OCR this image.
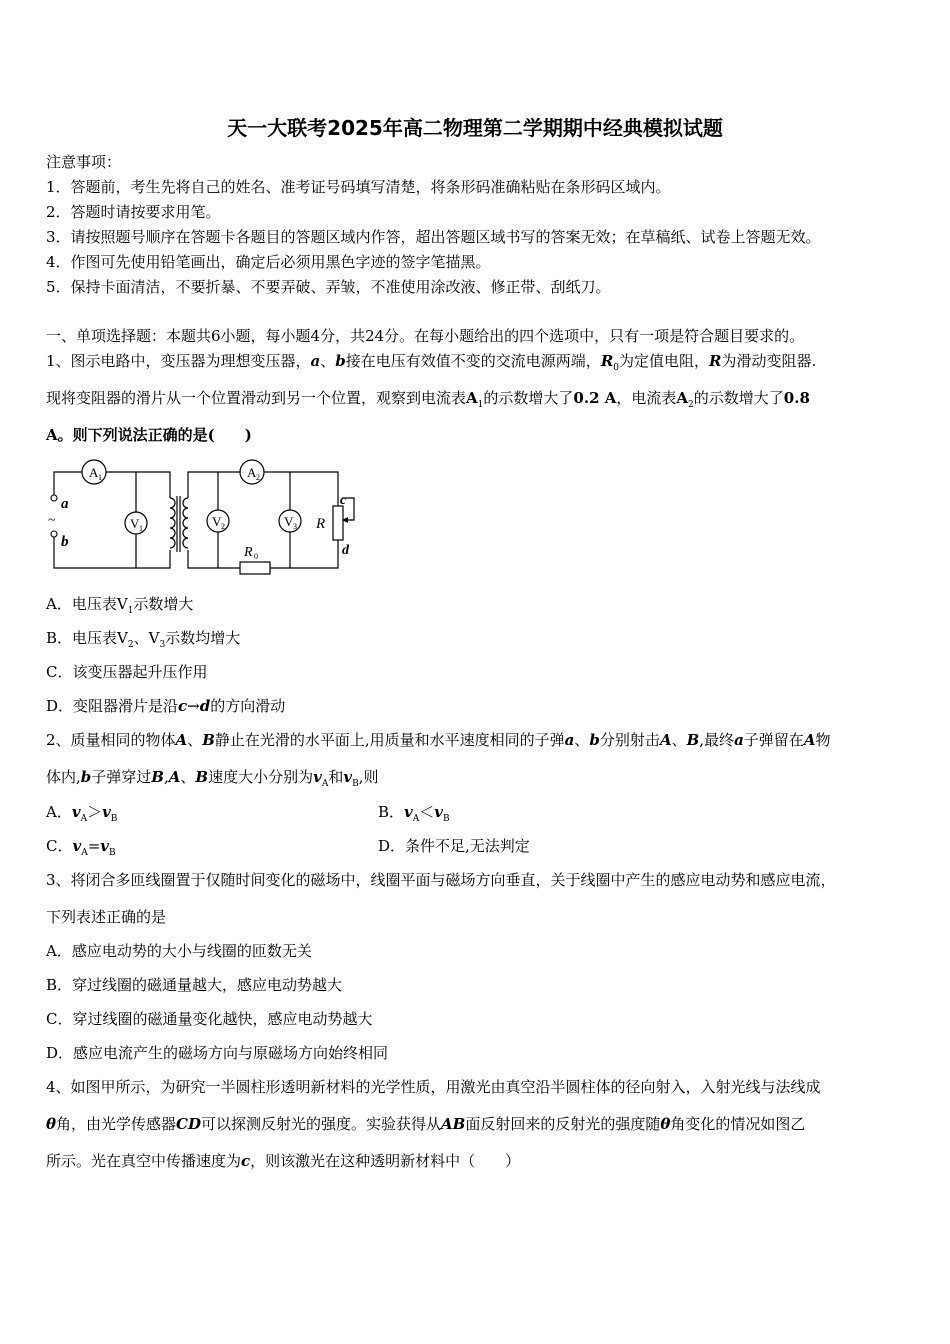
天一大联考2025年高二物理第二学期期中经典模拟试题
注意事项：
1．答题前，考生先将自己的姓名、准考证号码填写清楚，将条形码准确粘贴在条形码区域内。
2．答题时请按要求用笔。
3．请按照题号顺序在答题卡各题目的答题区域内作答，超出答题区域书写的答案无效；在草稿纸、试卷上答题无效。
4．作图可先使用铅笔画出，确定后必须用黑色字迹的签字笔描黑。
5．保持卡面清洁，不要折暴、不要弄破、弄皱，不准使用涂改液、修正带、刮纸刀。
一、单项选择题：本题共6小题，每小题4分，共24分。在每小题给出的四个选项中，只有一项是符合题目要求的。
1、图示电路中，变压器为理想变压器，a、b接在电压有效值不变的交流电源两端，$R_0$为定值电阻，R为滑动变阻器.
现将变阻器的滑片从一个位置滑动到另一个位置，观察到电流表$A_1$的示数增大了0.2 A，电流表$A_2$的示数增大了0.8
A。则下列说法正确的是(　　)
A 1	A 2
V 1	V 2	V 3
R 0
R
c
d
a
b
~
A．电压表$V_1$示数增大
B．电压表$V_2$、$V_3$示数均增大
C．该变压器起升压作用
D．变阻器滑片是沿c→d的方向滑动
2、质量相同的物体A、B静止在光滑的水平面上,用质量和水平速度相同的子弹a、b分别射击A、B,最终a子弹留在A物
体内,b子弹穿过B,A、B速度大小分别为$v_A$和$v_B$,则
A．$v_A>v_B$	B．$v_A<v_B$
C．$v_A=v_B$	D．条件不足,无法判定
3、将闭合多匝线圈置于仅随时间变化的磁场中，线圈平面与磁场方向垂直，关于线圈中产生的感应电动势和感应电流，
下列表述正确的是
A．感应电动势的大小与线圈的匝数无关
B．穿过线圈的磁通量越大，感应电动势越大
C．穿过线圈的磁通量变化越快，感应电动势越大
D．感应电流产生的磁场方向与原磁场方向始终相同
4、如图甲所示，为研究一半圆柱形透明新材料的光学性质，用激光由真空沿半圆柱体的径向射入，入射光线与法线成
θ角，由光学传感器CD可以探测反射光的强度。实验获得从AB面反射回来的反射光的强度随θ角变化的情况如图乙
所示。光在真空中传播速度为c，则该激光在这种透明新材料中（　　）
